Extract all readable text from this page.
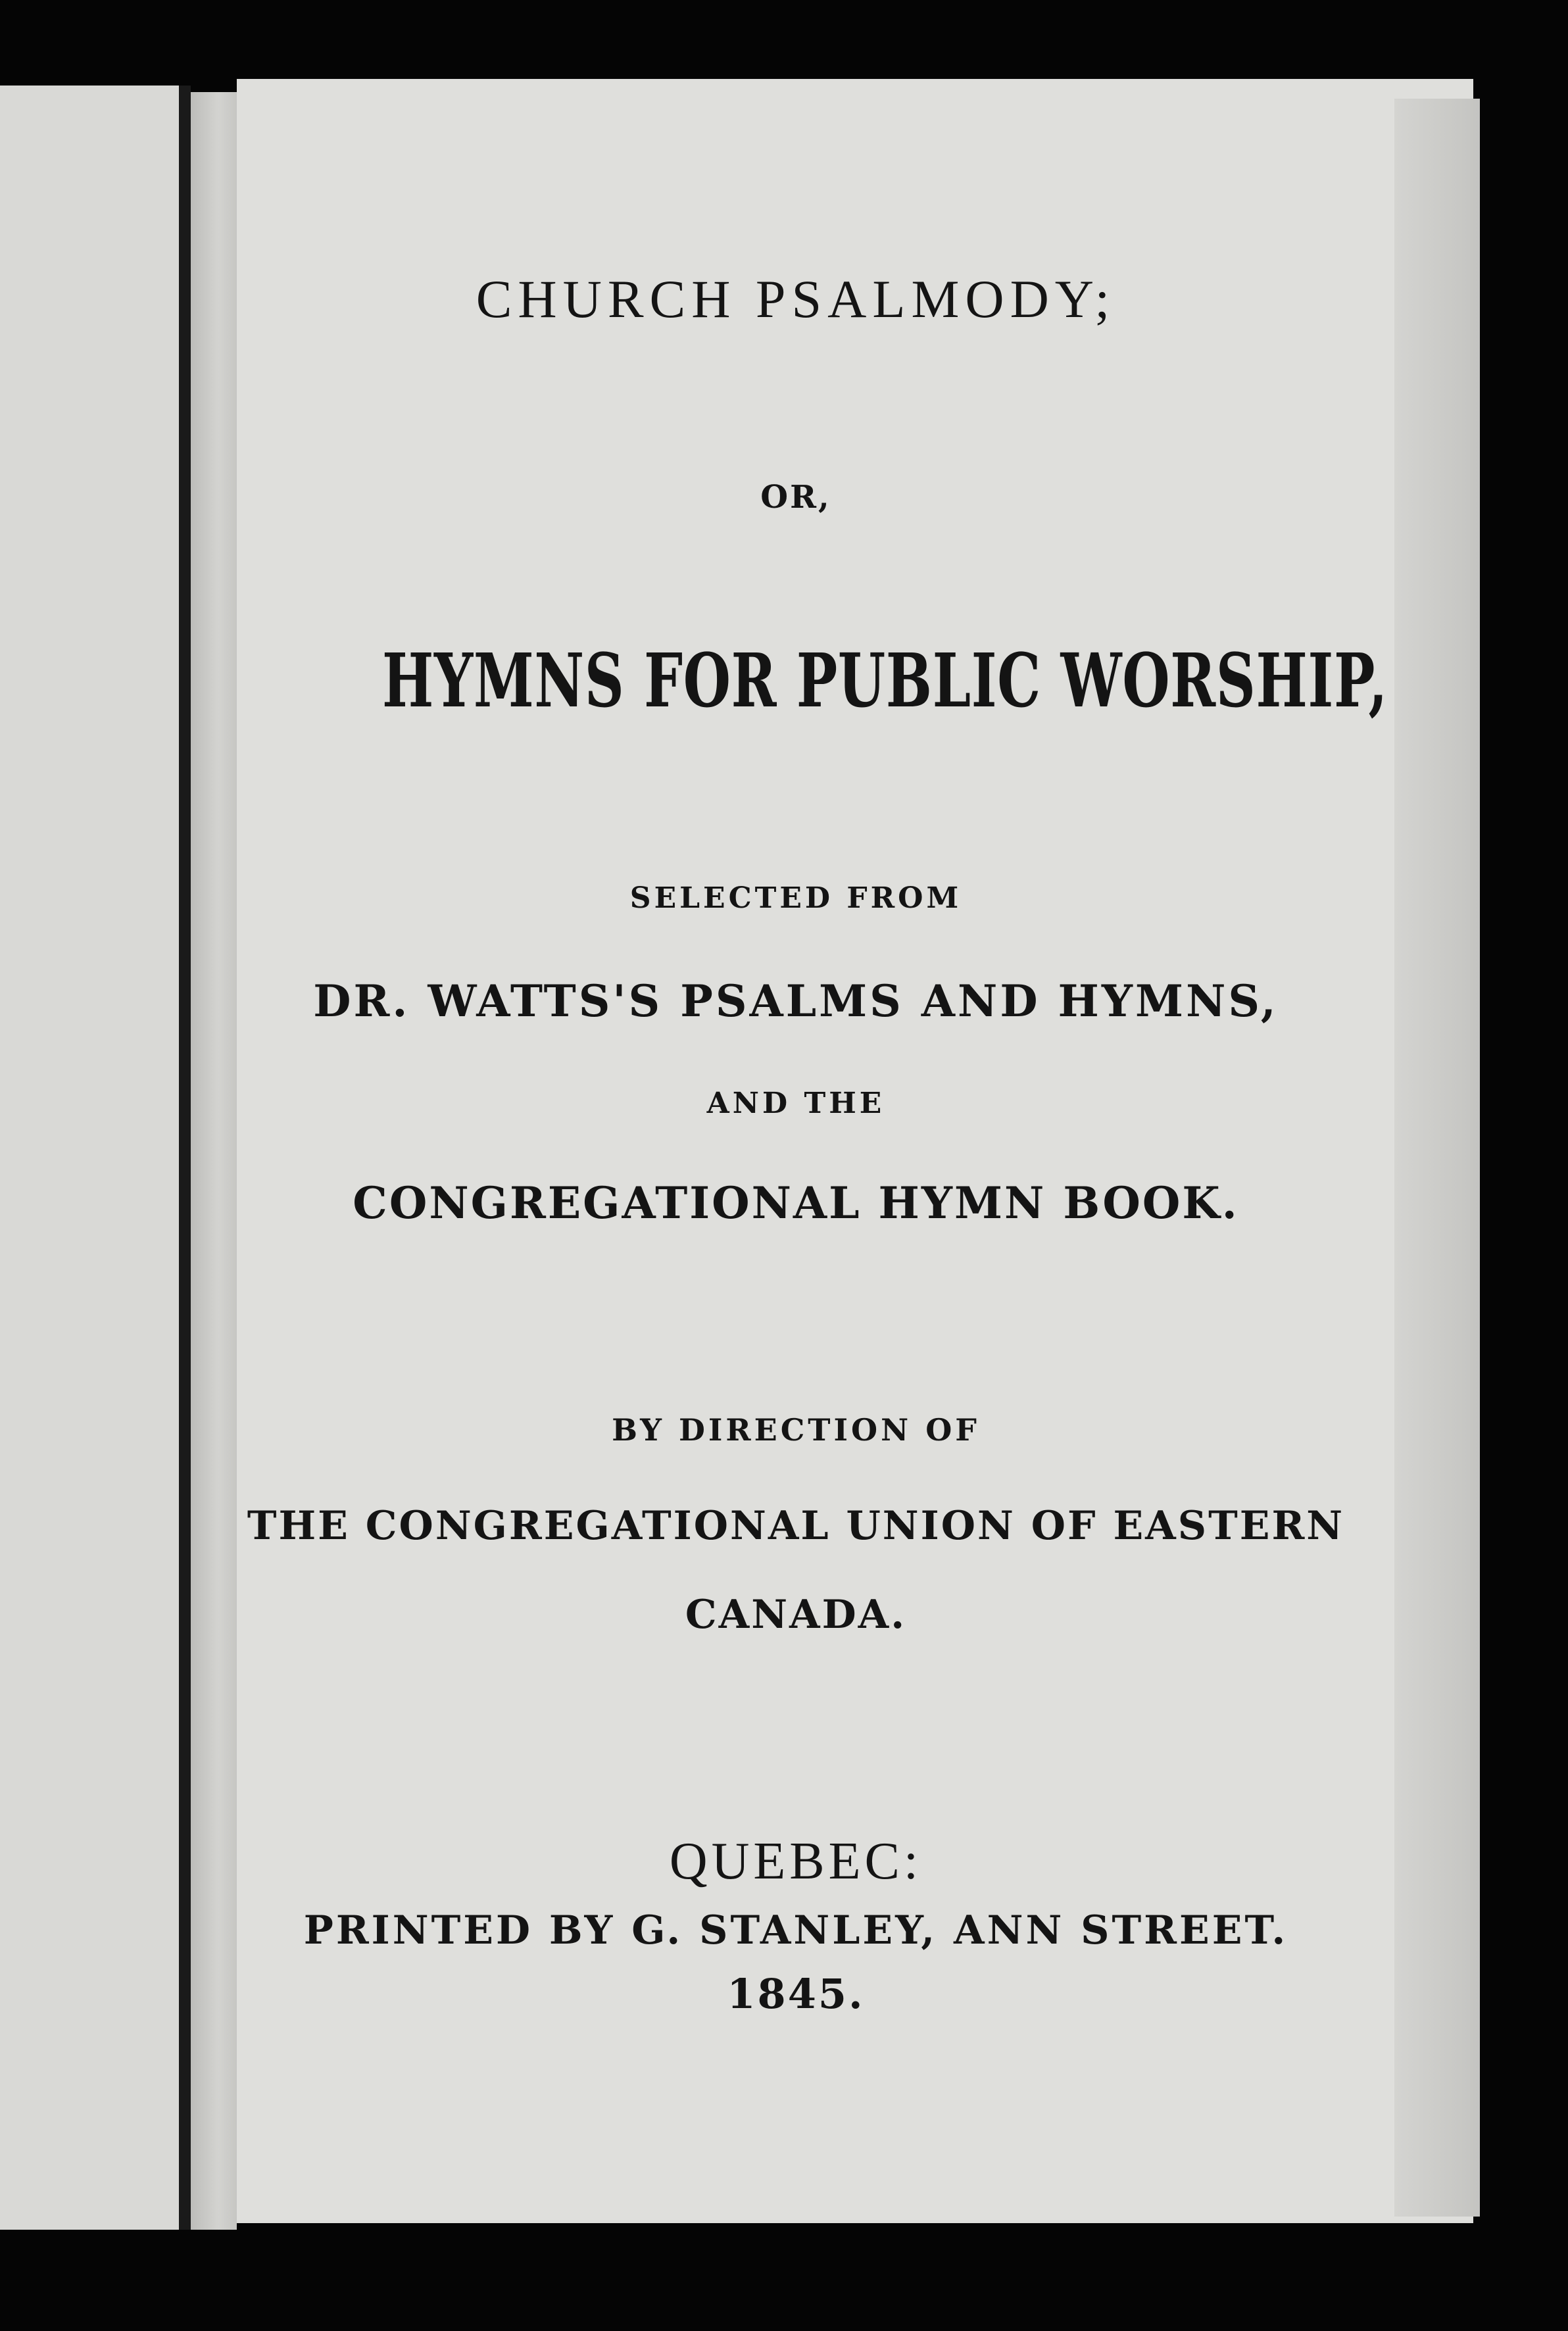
CHURCH PSALMODY;

OR,

HYMNS FOR PUBLIC WORSHIP,

SELECTED FROM

DR. WATTS'S PSALMS AND HYMNS,

AND THE

CONGREGATIONAL HYMN BOOK.

BY DIRECTION OF

THE CONGREGATIONAL UNION OF EASTERN

CANADA.

QUEBEC:

PRINTED BY G. STANLEY, ANN STREET.

1845.
